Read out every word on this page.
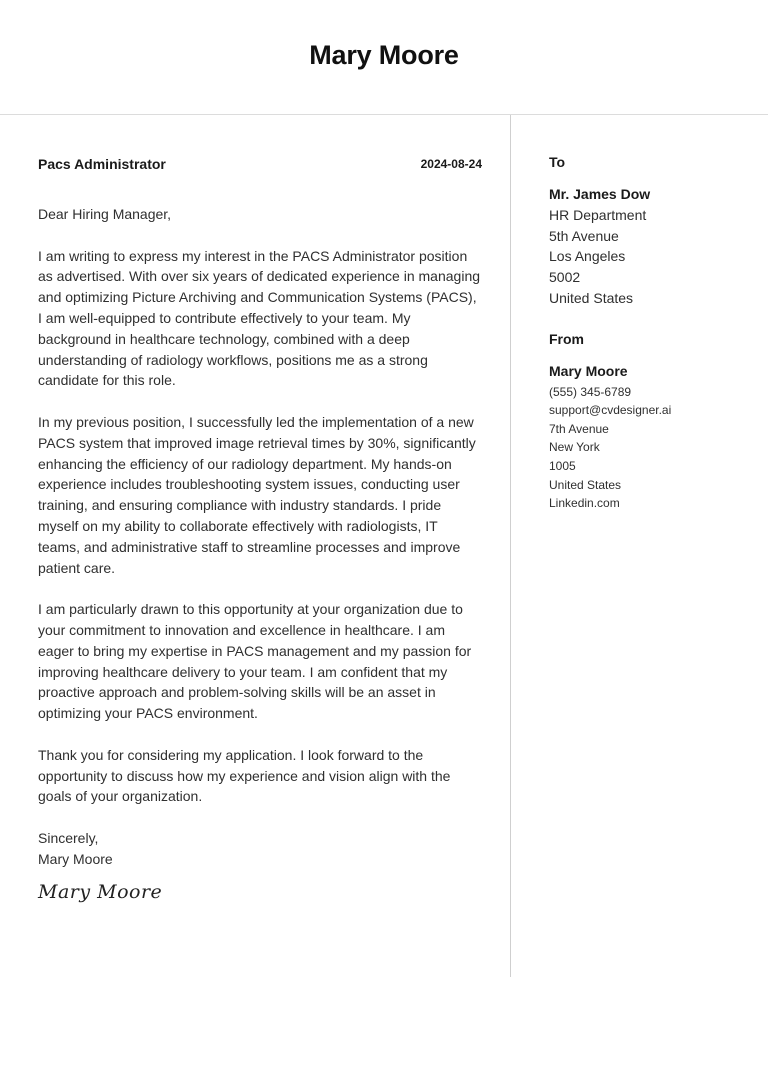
Mary Moore
Pacs Administrator	2024-08-24

Dear Hiring Manager,

I am writing to express my interest in the PACS Administrator position as advertised. With over six years of dedicated experience in managing and optimizing Picture Archiving and Communication Systems (PACS), I am well-equipped to contribute effectively to your team. My background in healthcare technology, combined with a deep understanding of radiology workflows, positions me as a strong candidate for this role.

In my previous position, I successfully led the implementation of a new PACS system that improved image retrieval times by 30%, significantly enhancing the efficiency of our radiology department. My hands-on experience includes troubleshooting system issues, conducting user training, and ensuring compliance with industry standards. I pride myself on my ability to collaborate effectively with radiologists, IT teams, and administrative staff to streamline processes and improve patient care.

I am particularly drawn to this opportunity at your organization due to your commitment to innovation and excellence in healthcare. I am eager to bring my expertise in PACS management and my passion for improving healthcare delivery to your team. I am confident that my proactive approach and problem-solving skills will be an asset in optimizing your PACS environment.

Thank you for considering my application. I look forward to the opportunity to discuss how my experience and vision align with the goals of your organization.

Sincerely,

Mary Moore

Mary Moore

To

Mr. James Dow

HR Department

5th Avenue

Los Angeles

5002

United States

From

Mary Moore

(555) 345-6789

support@cvdesigner.ai

7th Avenue

New York

1005

United States

Linkedin.com
